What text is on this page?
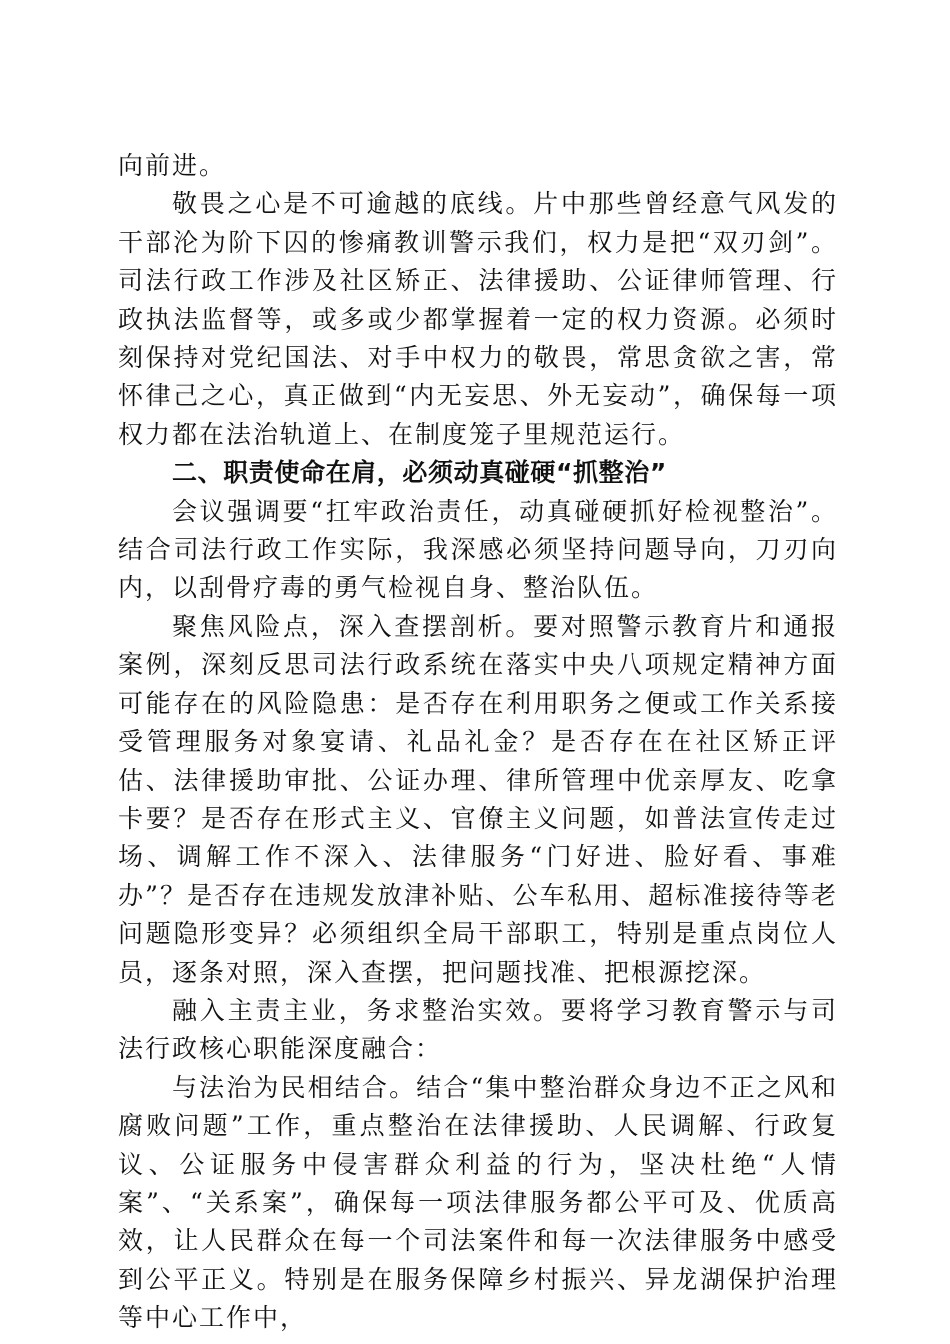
向前进。

敬畏之心是不可逾越的底线。片中那些曾经意气风发的干部沦为阶下囚的惨痛教训警示我们，权力是把“双刃剑”。司法行政工作涉及社区矫正、法律援助、公证律师管理、行政执法监督等，或多或少都掌握着一定的权力资源。必须时刻保持对党纪国法、对手中权力的敬畏，常思贪欲之害，常怀律己之心，真正做到“内无妄思、外无妄动”，确保每一项权力都在法治轨道上、在制度笼子里规范运行。

二、职责使命在肩，必须动真碰硬“抓整治”

会议强调要“扛牢政治责任，动真碰硬抓好检视整治”。结合司法行政工作实际，我深感必须坚持问题导向，刀刃向内，以刮骨疗毒的勇气检视自身、整治队伍。

聚焦风险点，深入查摆剖析。要对照警示教育片和通报案例，深刻反思司法行政系统在落实中央八项规定精神方面可能存在的风险隐患：是否存在利用职务之便或工作关系接受管理服务对象宴请、礼品礼金？是否存在在社区矫正评估、法律援助审批、公证办理、律所管理中优亲厚友、吃拿卡要？是否存在形式主义、官僚主义问题，如普法宣传走过场、调解工作不深入、法律服务“门好进、脸好看、事难办”？是否存在违规发放津补贴、公车私用、超标准接待等老问题隐形变异？必须组织全局干部职工，特别是重点岗位人员，逐条对照，深入查摆，把问题找准、把根源挖深。

融入主责主业，务求整治实效。要将学习教育警示与司法行政核心职能深度融合：

与法治为民相结合。结合“集中整治群众身边不正之风和腐败问题”工作，重点整治在法律援助、人民调解、行政复议、公证服务中侵害群众利益的行为，坚决杜绝“人情案”、“关系案”，确保每一项法律服务都公平可及、优质高效，让人民群众在每一个司法案件和每一次法律服务中感受到公平正义。特别是在服务保障乡村振兴、异龙湖保护治理等中心工作中，
